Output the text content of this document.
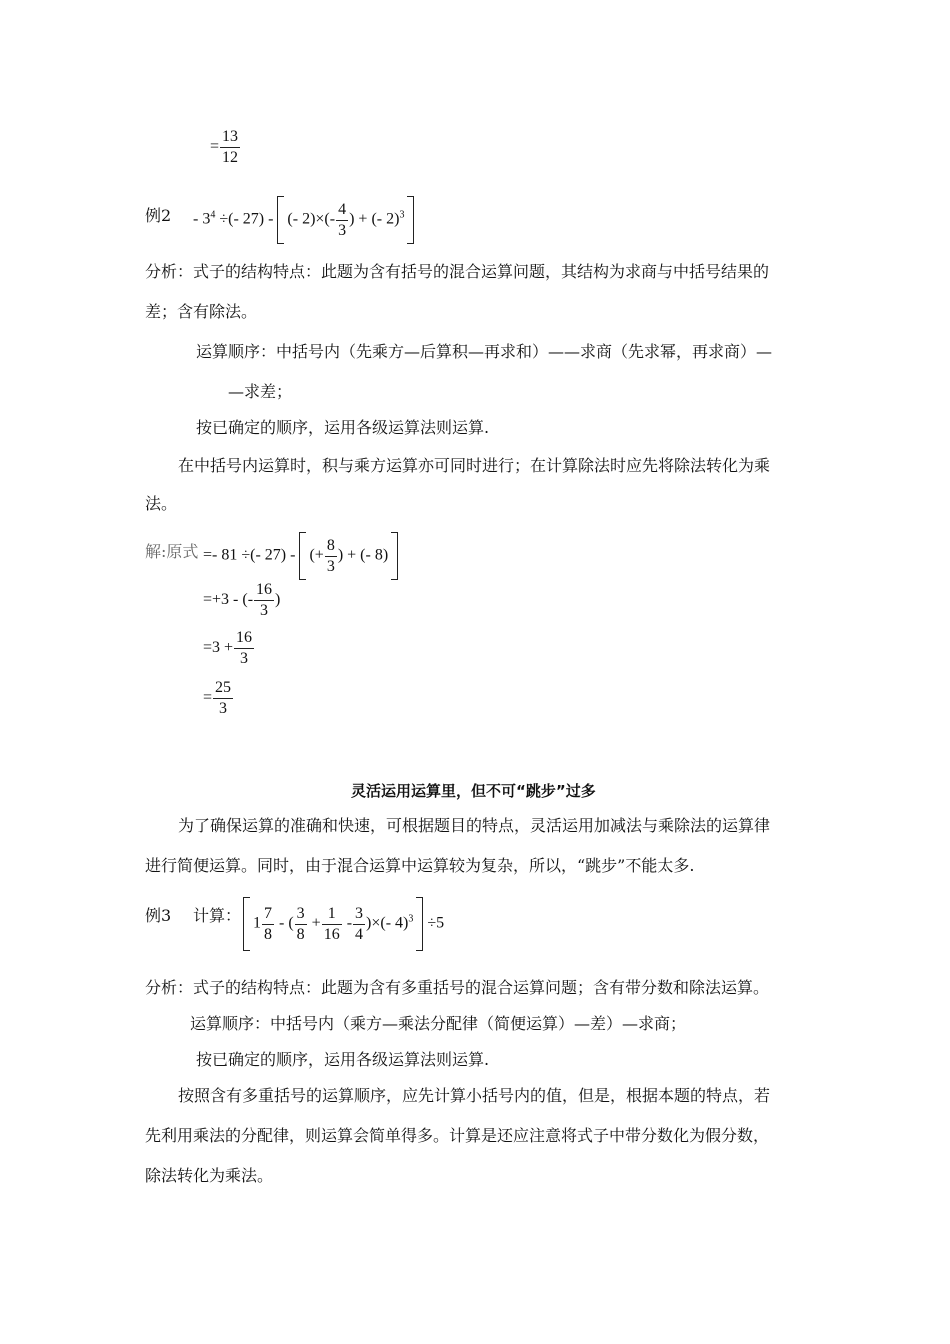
= $\frac{13}{12}$
例$2 - 3^4$ ÷(- 27) - (- $2)\times(- \frac{4}{3}$ ) + (- 2)$^3$
分析：式子的结构特点：此题为含有括号的混合运算问题，其结构为求商与中括号结果的
差；含有除法。
运算顺序：中括号内（先乘方—后算积—再求和）——求商（先求幂，再求商）—
—求差；
按已确定的顺序，运用各级运算法则运算.
在中括号内运算时，积与乘方运算亦可同时进行；在计算除法时应先将除法转化为乘
法。
解:原式 =- 81 ÷(- 27) - (+ $\frac{8}{3}$ ) + (- 8)
=+3 - (- $\frac{16}{3}$ )
$=3 + \frac{16}{3}$
= $\frac{25}{3}$
灵活运用运算里，但不可“跳步”过多
为了确保运算的准确和快速，可根据题目的特点，灵活运用加减法与乘除法的运算律
进行简便运算。同时，由于混合运算中运算较为复杂，所以，“跳步”不能太多.
例3 计算： $1 \frac{7}{8}$ - ( $\frac{3}{8} + \frac{1}{16} - \frac{3}{4}$ )×(- 4)$^3$ ÷5
分析：式子的结构特点：此题为含有多重括号的混合运算问题；含有带分数和除法运算。
运算顺序：中括号内（乘方—乘法分配律（简便运算）—差）—求商；
按已确定的顺序，运用各级运算法则运算.
按照含有多重括号的运算顺序，应先计算小括号内的值，但是，根据本题的特点，若
先利用乘法的分配律，则运算会简单得多。计算是还应注意将式子中带分数化为假分数，
除法转化为乘法。
